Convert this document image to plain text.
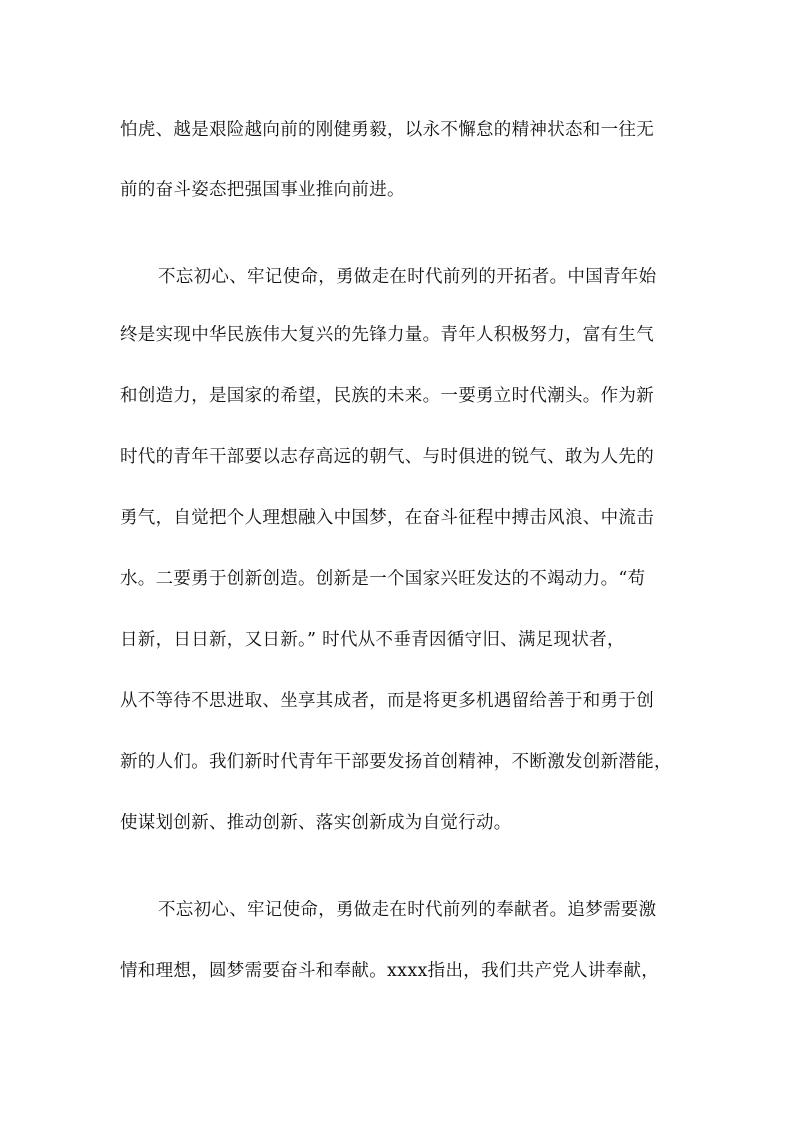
怕虎、越是艰险越向前的刚健勇毅，以永不懈怠的精神状态和一往无
前的奋斗姿态把强国事业推向前进。
不忘初心、牢记使命，勇做走在时代前列的开拓者。中国青年始
终是实现中华民族伟大复兴的先锋力量。青年人积极努力，富有生气
和创造力，是国家的希望，民族的未来。一要勇立时代潮头。作为新
时代的青年干部要以志存高远的朝气、与时俱进的锐气、敢为人先的
勇气，自觉把个人理想融入中国梦，在奋斗征程中搏击风浪、中流击
水。二要勇于创新创造。创新是一个国家兴旺发达的不竭动力。“苟
日新，日日新，又日新。” 时代从不垂青因循守旧、满足现状者，
从不等待不思进取、坐享其成者，而是将更多机遇留给善于和勇于创
新的人们。我们新时代青年干部要发扬首创精神，不断激发创新潜能，
使谋划创新、推动创新、落实创新成为自觉行动。
不忘初心、牢记使命，勇做走在时代前列的奉献者。追梦需要激
情和理想，圆梦需要奋斗和奉献。xxxx指出，我们共产党人讲奉献，
